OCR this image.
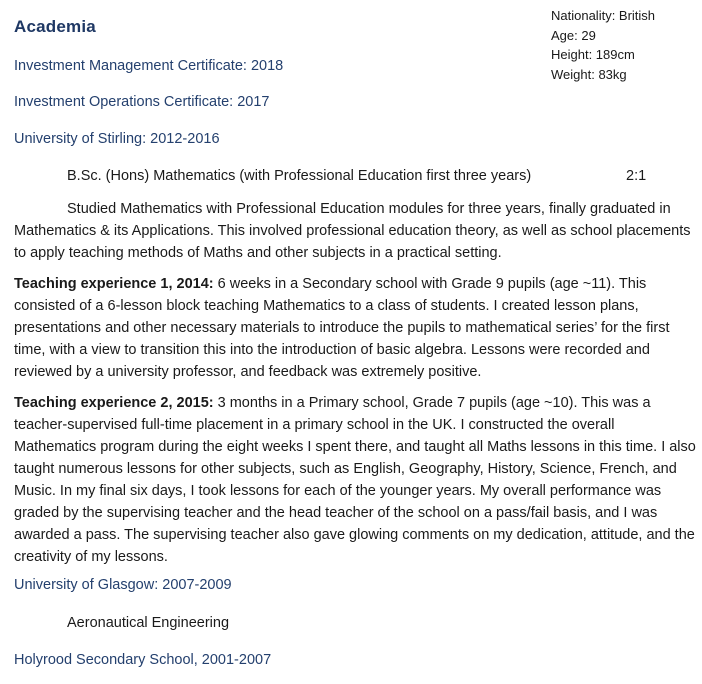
Nationality: British
Age: 29
Height: 189cm
Weight: 83kg
Academia
Investment Management Certificate: 2018
Investment Operations Certificate: 2017
University of Stirling: 2012-2016
B.Sc. (Hons) Mathematics (with Professional Education first three years)	2:1
Studied Mathematics with Professional Education modules for three years, finally graduated in Mathematics & its Applications. This involved professional education theory, as well as school placements to apply teaching methods of Maths and other subjects in a practical setting.
Teaching experience 1, 2014: 6 weeks in a Secondary school with Grade 9 pupils (age ~11). This consisted of a 6-lesson block teaching Mathematics to a class of students. I created lesson plans, presentations and other necessary materials to introduce the pupils to mathematical series’ for the first time, with a view to transition this into the introduction of basic algebra. Lessons were recorded and reviewed by a university professor, and feedback was extremely positive.
Teaching experience 2, 2015: 3 months in a Primary school, Grade 7 pupils (age ~10). This was a teacher-supervised full-time placement in a primary school in the UK. I constructed the overall Mathematics program during the eight weeks I spent there, and taught all Maths lessons in this time. I also taught numerous lessons for other subjects, such as English, Geography, History, Science, French, and Music. In my final six days, I took lessons for each of the younger years. My overall performance was graded by the supervising teacher and the head teacher of the school on a pass/fail basis, and I was awarded a pass. The supervising teacher also gave glowing comments on my dedication, attitude, and the creativity of my lessons.
University of Glasgow: 2007-2009
Aeronautical Engineering
Holyrood Secondary School, 2001-2007
